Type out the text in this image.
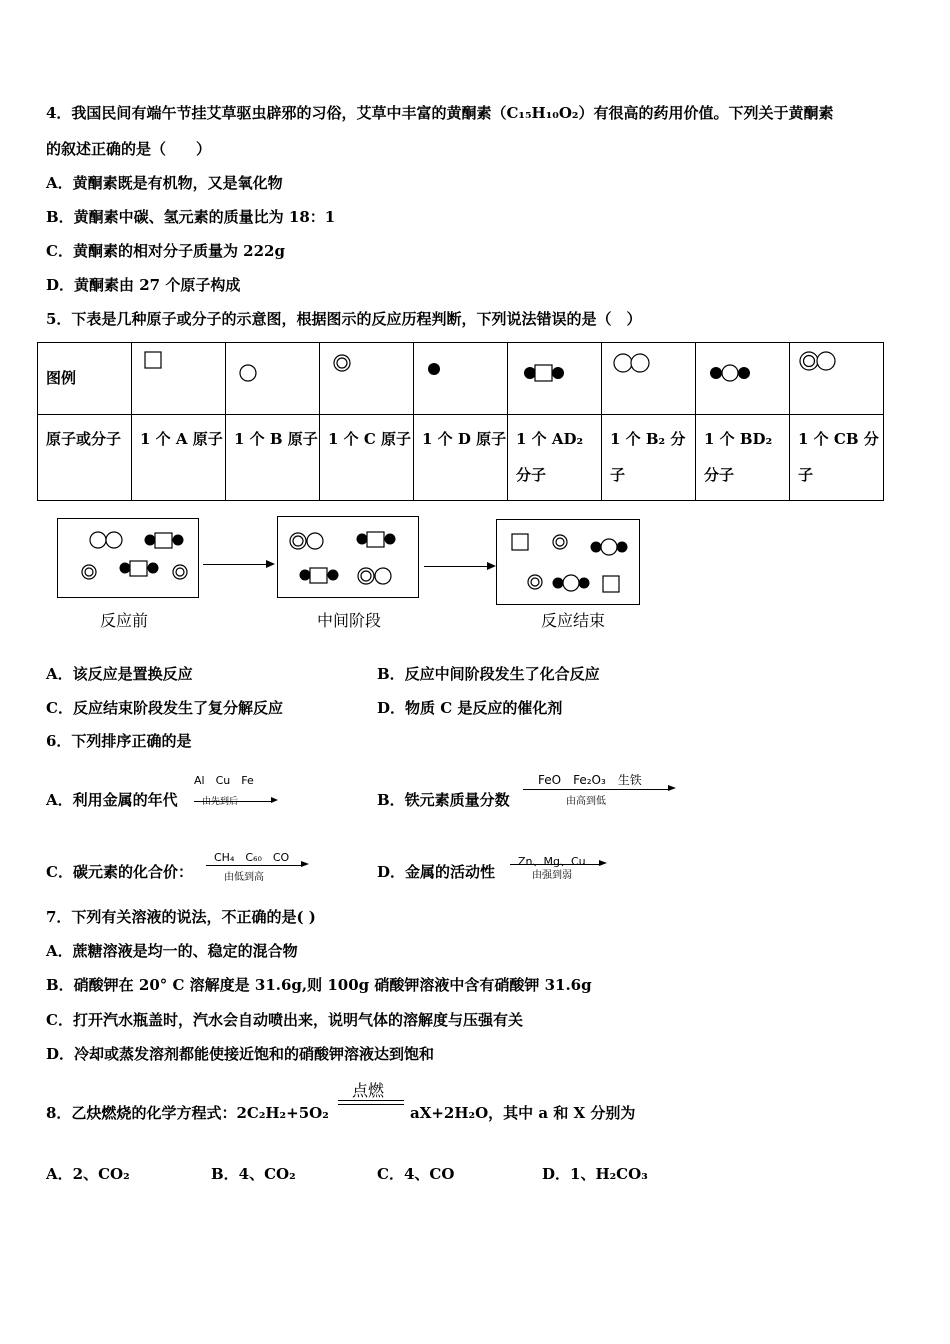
4．我国民间有端午节挂艾草驱虫辟邪的习俗，艾草中丰富的黄酮素（C₁₅H₁₀O₂）有很高的药用价值。下列关于黄酮素
的叙述正确的是（　　）
A．黄酮素既是有机物，又是氧化物
B．黄酮素中碳、氢元素的质量比为 18：1
C．黄酮素的相对分子质量为 222g
D．黄酮素由 27 个原子构成
5．下表是几种原子或分子的示意图，根据图示的反应历程判断，下列说法错误的是（　）
图例								
原子或分子	1 个 A 原子	1 个 B 原子	1 个 C 原子	1 个 D 原子	1 个 AD₂ 分子	1 个 B₂ 分子	1 个 BD₂ 分子	1 个 CB 分子
反应前	中间阶段	反应结束
A．该反应是置换反应	B．反应中间阶段发生了化合反应
C．反应结束阶段发生了复分解反应	D．物质 C 是反应的催化剂
6．下列排序正确的是
A．利用金属的年代
Al　Cu　Fe
由先到后	B．铁元素质量分数
FeO　Fe₂O₃　生铁
由高到低
C．碳元素的化合价：
CH₄　C₆₀　CO
由低到高	D．金属的活动性
Zn、Mg、Cu
由强到弱
7．下列有关溶液的说法，不正确的是( )
A．蔗糖溶液是均一的、稳定的混合物
B．硝酸钾在 20° C 溶解度是 31.6g,则 100g 硝酸钾溶液中含有硝酸钾 31.6g
C．打开汽水瓶盖时，汽水会自动喷出来，说明气体的溶解度与压强有关
D．冷却或蒸发溶剂都能使接近饱和的硝酸钾溶液达到饱和
8．乙炔燃烧的化学方程式：2C₂H₂+5O₂
点燃
aX+2H₂O，其中 a 和 X 分别为
A．2、CO₂	B．4、CO₂	C．4、CO	D．1、H₂CO₃
